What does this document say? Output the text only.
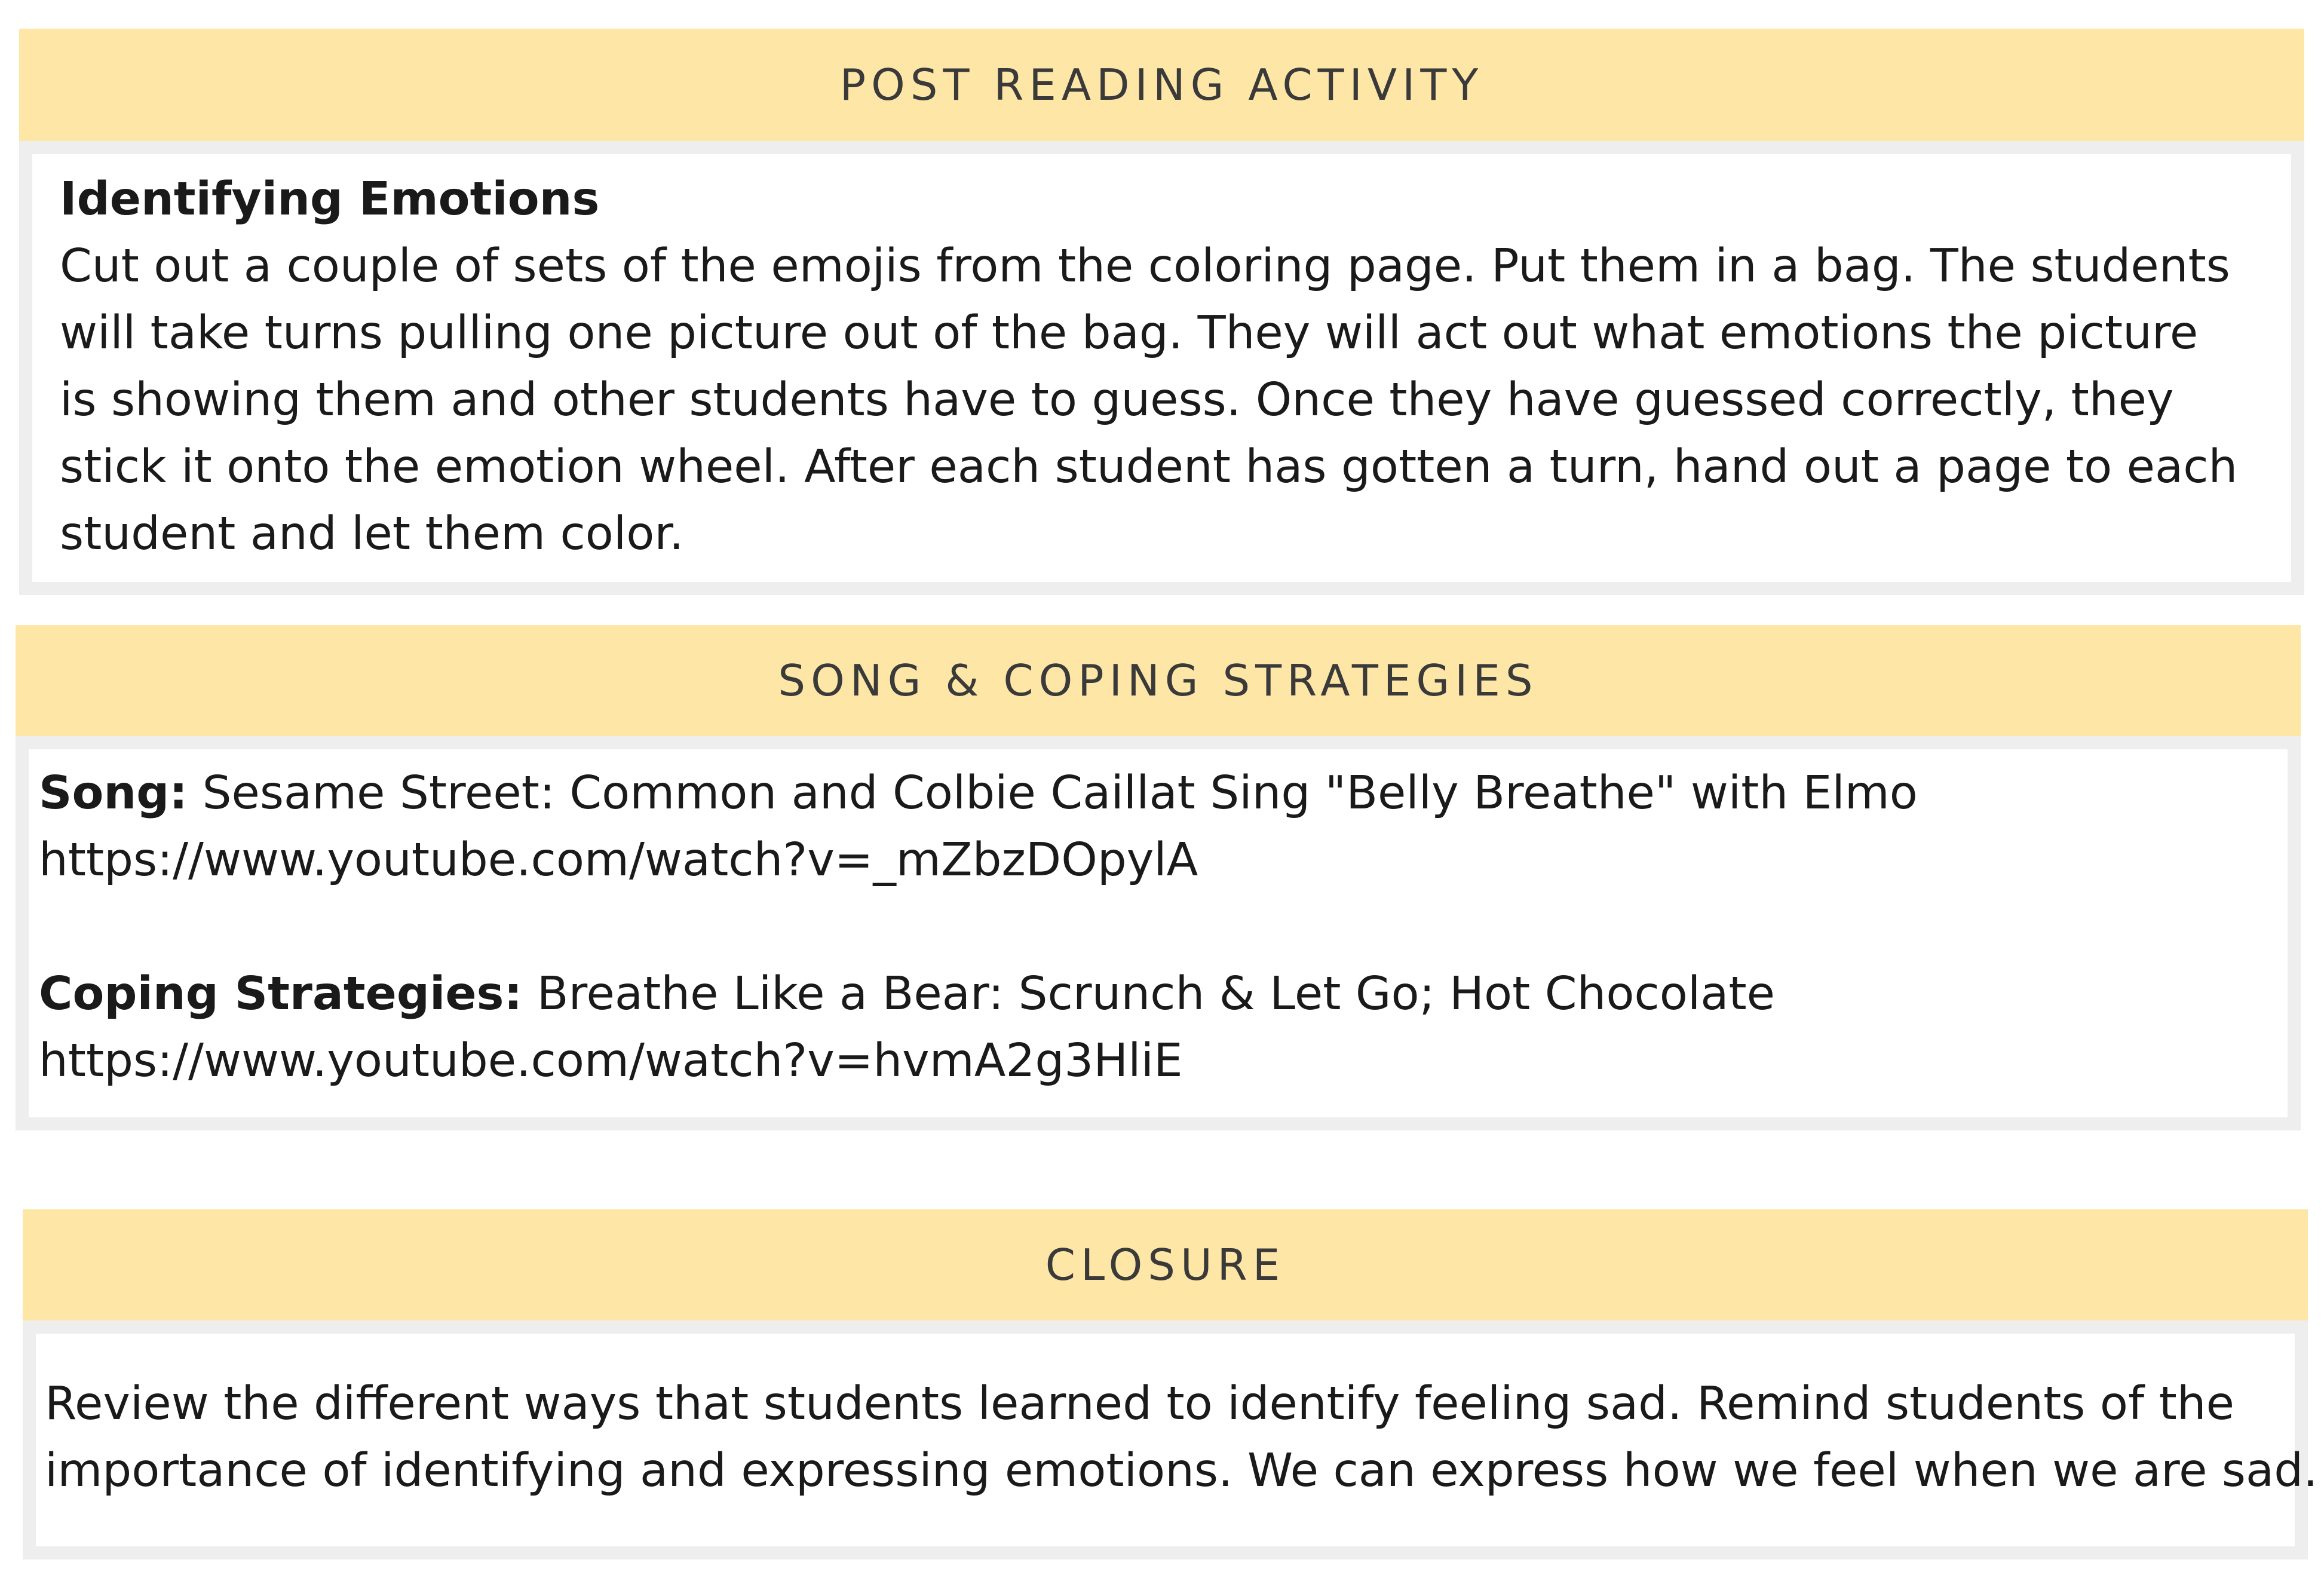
POST READING ACTIVITY
Identifying Emotions
Cut out a couple of sets of the emojis from the coloring page. Put them in a bag. The students
will take turns pulling one picture out of the bag. They will act out what emotions the picture
is showing them and other students have to guess. Once they have guessed correctly, they
stick it onto the emotion wheel. After each student has gotten a turn, hand out a page to each
student and let them color.
SONG & COPING STRATEGIES
Song: Sesame Street: Common and Colbie Caillat Sing "Belly Breathe" with Elmo
https://www.youtube.com/watch?v=_mZbzDOpylA

Coping Strategies: Breathe Like a Bear: Scrunch & Let Go; Hot Chocolate
https://www.youtube.com/watch?v=hvmA2g3HliE
CLOSURE
Review the different ways that students learned to identify feeling sad. Remind students of the
importance of identifying and expressing emotions. We can express how we feel when we are sad.
